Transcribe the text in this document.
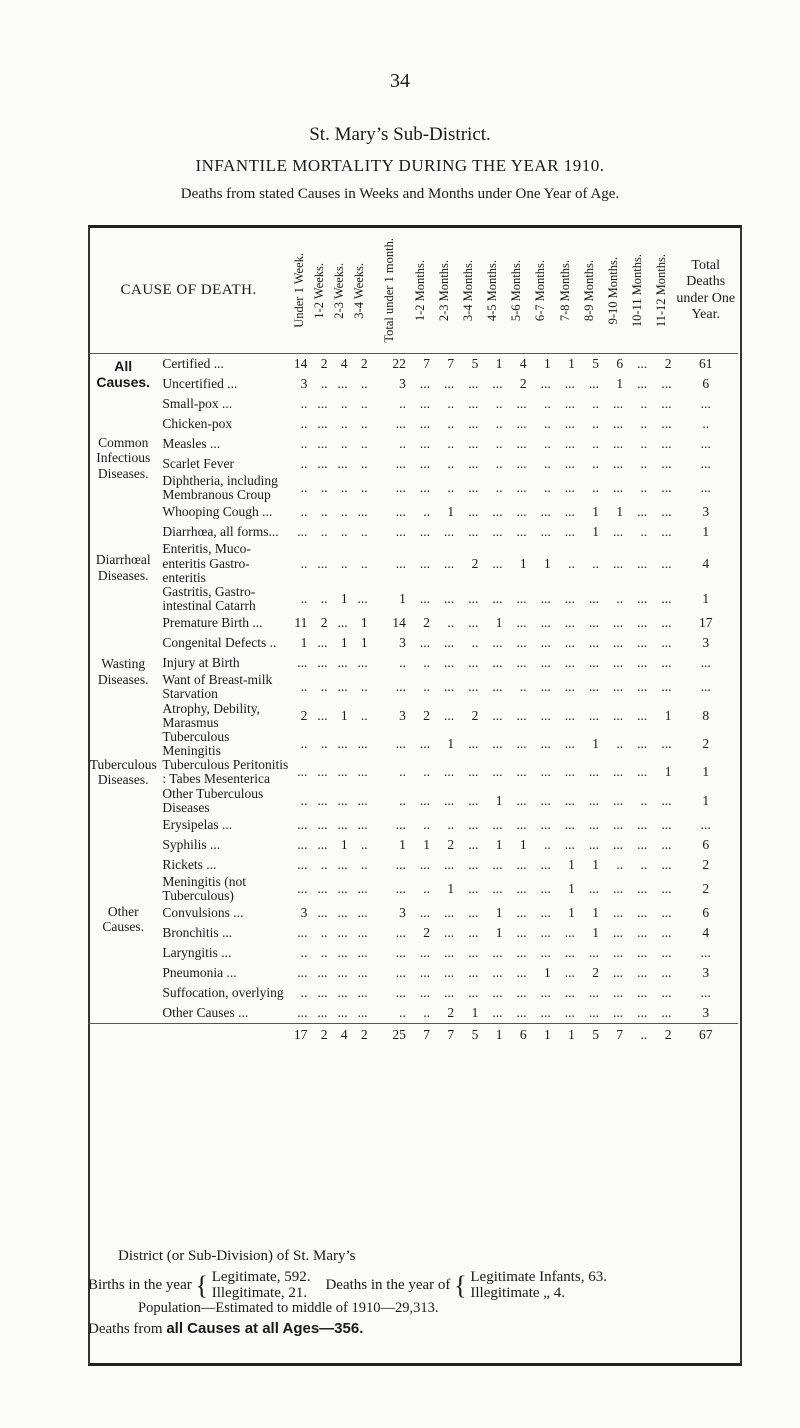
34
St. Mary’s Sub-District.
INFANTILE MORTALITY DURING THE YEAR 1910.
Deaths from stated Causes in Weeks and Months under One Year of Age.
CAUSE OF DEATH.		Under 1 Week.	1-2 Weeks.	2-3 Weeks.	3-4 Weeks.	Total under 1 month.	1-2 Months.	2-3 Months.	3-4 Months.	4-5 Months.	5-6 Months.	6-7 Months.	7-8 Months.	8-9 Months.	9-10 Months.	10-11 Months.	11-12 Months.	Total Deaths under One Year.
All Causes.	Certified ...	14	2	4	2	22	7	7	5	1	4	1	1	5	6	...	2	61
	Uncertified ...	3	..	...	..	3	...	...	...	...	2	...	...	...	1	...	...	6
Common Infectious Diseases.	Small-pox ...	..	...	..	..	..	...	..	...	..	...	..	...	..	...	..	...	...
	Chicken-pox	..	...	..	..	...	...	..	...	..	...	..	...	..	...	..	...	..
	Measles ...	..	...	..	..	..	...	..	...	..	...	..	...	..	...	..	...	...
	Scarlet Fever	..	...	...	..	...	...	..	...	..	...	..	...	..	...	..	...	...
	Diphtheria, including Membranous Croup	..	..	..	..	...	...	..	...	..	...	..	...	..	...	..	...	...
	Whooping Cough ...	..	..	..	...	...	..	1	...	...	...	...	...	1	1	...	...	3
Diarrhœal Diseases.	Diarrhœa, all forms...	...	..	..	..	...	...	...	...	...	...	...	...	1	...	..	...	1
	Enteritis, Muco-enteritis Gastro-enteritis	..	...	..	..	...	...	...	2	...	1	1	..	..	...	...	...	4
	Gastritis, Gastro-intestinal Catarrh	..	..	1	...	1	...	...	...	...	...	...	...	...	..	...	...	1
Wasting Diseases.	Premature Birth ...	11	2	...	1	14	2	..	...	1	...	...	...	...	...	...	...	17
	Congenital Defects ..	1	...	1	1	3	...	...	..	...	...	...	...	...	...	...	...	3
	Injury at Birth	...	...	...	...	..	..	...	...	...	...	...	...	...	...	...	...	...
	Want of Breast-milk Starvation	..	..	...	..	...	..	...	...	...	..	...	...	...	...	...	...	...
	Atrophy, Debility, Marasmus	2	...	1	..	3	2	...	2	...	...	...	...	...	...	...	1	8
Tuberculous Diseases.	Tuberculous Meningitis	..	..	...	...	...	...	1	...	...	...	...	...	1	..	...	...	2
	Tuberculous Peritonitis : Tabes Mesenterica	...	...	...	...	..	..	...	...	...	...	...	...	...	...	...	1	1
	Other Tuberculous Diseases	..	...	...	...	..	...	...	...	1	...	...	...	...	...	..	...	1
Other Causes.	Erysipelas ...	...	...	...	...	...	..	..	...	...	...	...	...	...	...	...	...	...
	Syphilis ...	...	...	1	..	1	1	2	...	1	1	..	...	...	...	...	...	6
	Rickets ...	...	..	...	..	...	...	...	...	...	...	...	1	1	..	..	...	2
	Meningitis (not Tuberculous)	...	...	...	...	...	..	1	...	...	...	...	1	...	...	...	...	2
	Convulsions ...	3	...	...	...	3	...	...	...	1	...	...	1	1	...	...	...	6
	Bronchitis ...	...	..	...	...	...	2	...	...	1	...	...	...	1	...	...	...	4
	Laryngitis ...	..	..	...	...	...	...	...	...	...	...	...	...	...	...	...	...	...
	Pneumonia ...	...	...	...	...	...	...	...	...	...	...	1	...	2	...	...	...	3
	Suffocation, overlying	..	...	...	...	...	...	...	...	...	...	...	...	...	...	...	...	...
	Other Causes ...	...	...	...	...	..	..	2	1	...	...	...	...	...	...	...	...	3
		17	2	4	2	25	7	7	5	1	6	1	1	5	7	..	2	67
District (or Sub-Division) of St. Mary’s
Births in the year { Legitimate, 592.
Illegitimate, 21. Deaths in the year of { Legitimate Infants, 63.
Illegitimate „ 4.
Population—Estimated to middle of 1910—29,313.
Deaths from all Causes at all Ages—356.
